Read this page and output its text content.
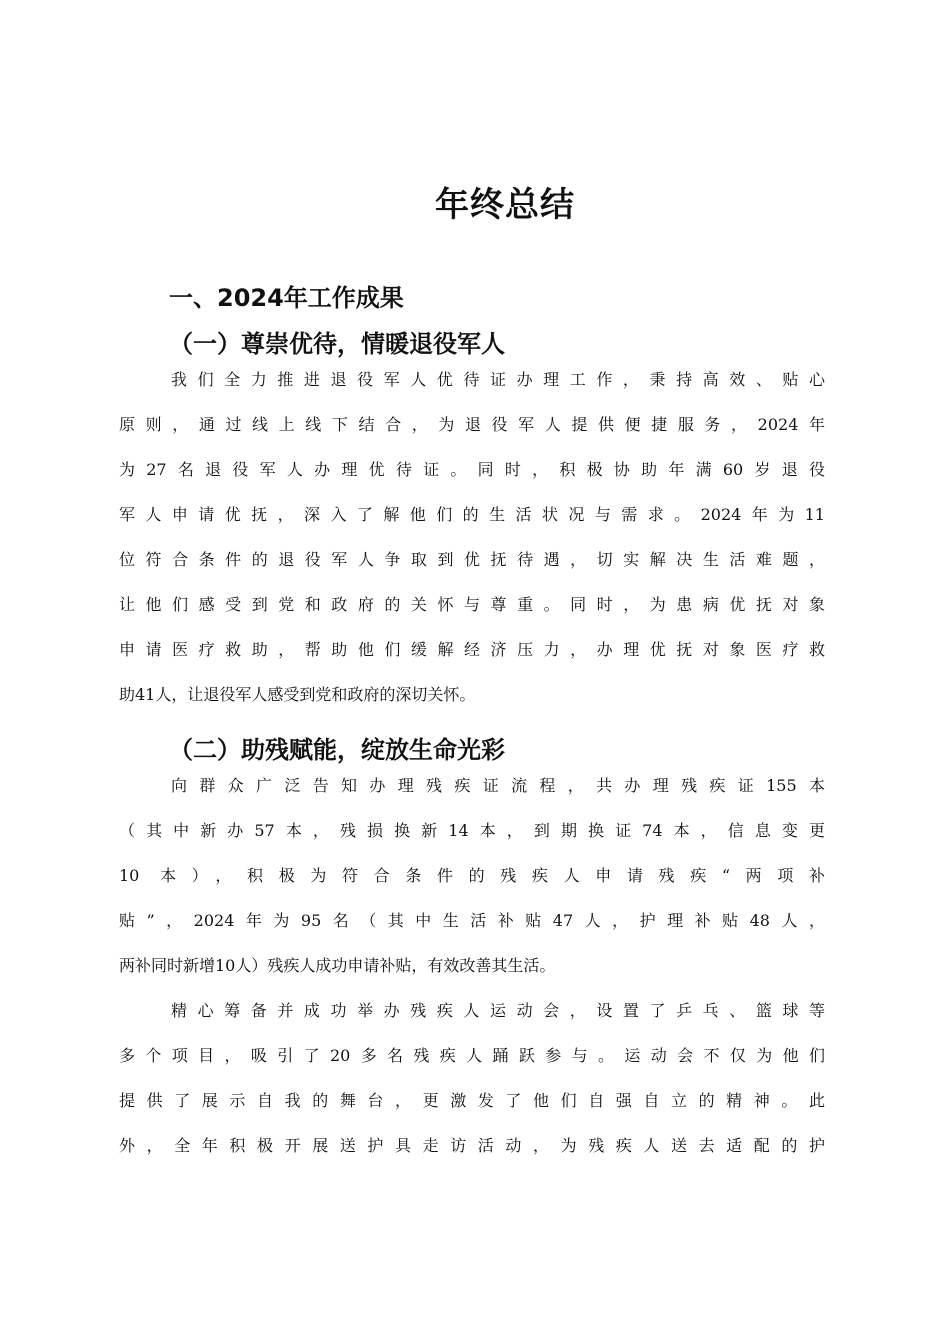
年终总结
一、2024年工作成果
（一）尊崇优待，情暖退役军人
我们全力推进退役军人优待证办理工作，秉持高效、贴心
原则，通过线上线下结合，为退役军人提供便捷服务，2024年
为27名退役军人办理优待证。同时，积极协助年满60岁退役
军人申请优抚，深入了解他们的生活状况与需求。2024年为11
位符合条件的退役军人争取到优抚待遇，切实解决生活难题，
让他们感受到党和政府的关怀与尊重。同时，为患病优抚对象
申请医疗救助，帮助他们缓解经济压力，办理优抚对象医疗救
助41人，让退役军人感受到党和政府的深切关怀。
（二）助残赋能，绽放生命光彩
向群众广泛告知办理残疾证流程，共办理残疾证155本
（其中新办57本，残损换新14本，到期换证74本，信息变更
10 本），积极为符合条件的残疾人申请残疾“两项补
贴”，2024年为95名（其中生活补贴47人，护理补贴48人，
两补同时新增10人）残疾人成功申请补贴，有效改善其生活。
精心筹备并成功举办残疾人运动会，设置了乒乓、篮球等
多个项目，吸引了20多名残疾人踊跃参与。运动会不仅为他们
提供了展示自我的舞台，更激发了他们自强自立的精神。此
外，全年积极开展送护具走访活动，为残疾人送去适配的护
